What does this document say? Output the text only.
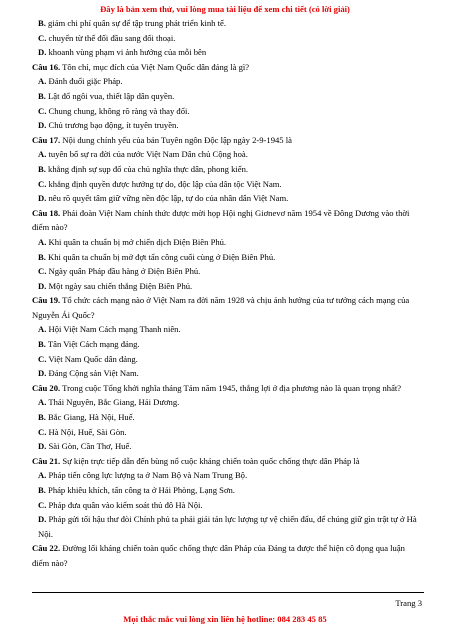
Đây là bản xem thử, vui lòng mua tài liệu để xem chi tiết (có lời giải)
B. giảm chi phí quân sự để tập trung phát triển kinh tế.
C. chuyển từ thế đối đầu sang đối thoại.
D. khoanh vùng phạm vi ảnh hưởng của mỗi bên
Câu 16. Tôn chỉ, mục đích của Việt Nam Quốc dân đảng là gì?
A. Đánh đuổi giặc Pháp.
B. Lật đổ ngôi vua, thiết lập dân quyền.
C. Chung chung, không rõ ràng và thay đổi.
D. Chủ trương bạo động, ít tuyên truyền.
Câu 17. Nội dung chính yếu của bản Tuyên ngôn Độc lập ngày 2-9-1945 là
A. tuyên bố sự ra đời của nước Việt Nam Dân chủ Cộng hoà.
B. khẳng định sự sụp đổ của chủ nghĩa thực dân, phong kiến.
C. khẳng định quyền được hưởng tự do, độc lập của dân tộc Việt Nam.
D. nêu rõ quyết tâm giữ vững nền độc lập, tự do của nhân dân Việt Nam.
Câu 18. Phái đoàn Việt Nam chính thức được mời họp Hội nghị Giơnevơ năm 1954 về Đông Dương vào thời điểm nào?
A. Khi quân ta chuẩn bị mở chiến dịch Điện Biên Phủ.
B. Khi quân ta chuẩn bị mở đợt tấn công cuối cùng ở Điện Biên Phủ.
C. Ngày quân Pháp đầu hàng ở Điện Biên Phủ.
D. Một ngày sau chiến thắng Điện Biên Phủ.
Câu 19. Tổ chức cách mạng nào ở Việt Nam ra đời năm 1928 và chịu ảnh hưởng của tư tưởng cách mạng của Nguyễn Ái Quốc?
A. Hội Việt Nam Cách mạng Thanh niên.
B. Tân Việt Cách mạng đảng.
C. Việt Nam Quốc dân đảng.
D. Đảng Cộng sản Việt Nam.
Câu 20. Trong cuộc Tổng khởi nghĩa tháng Tám năm 1945, thắng lợi ở địa phương nào là quan trọng nhất?
A. Thái Nguyên, Bắc Giang, Hải Dương.
B. Bắc Giang, Hà Nội, Huế.
C. Hà Nội, Huế, Sài Gòn.
D. Sài Gòn, Cần Thơ, Huế.
Câu 21. Sự kiện trực tiếp dẫn đến bùng nổ cuộc kháng chiến toàn quốc chống thực dân Pháp là
A. Pháp tiến công lực lượng ta ở Nam Bộ và Nam Trung Bộ.
B. Pháp khiêu khích, tấn công ta ở Hải Phòng, Lạng Sơn.
C. Pháp đưa quân vào kiểm soát thủ đô Hà Nội.
D. Pháp gửi tối hậu thư đòi Chính phủ ta phải giải tán lực lượng tự vệ chiến đấu, để chúng giữ gìn trật tự ở Hà Nội.
Câu 22. Đường lối kháng chiến toàn quốc chống thực dân Pháp của Đảng ta được thể hiện cô đọng qua luận điểm nào?
Trang 3
Mọi thắc mắc vui lòng xin liên hệ hotline: 084 283 45 85
